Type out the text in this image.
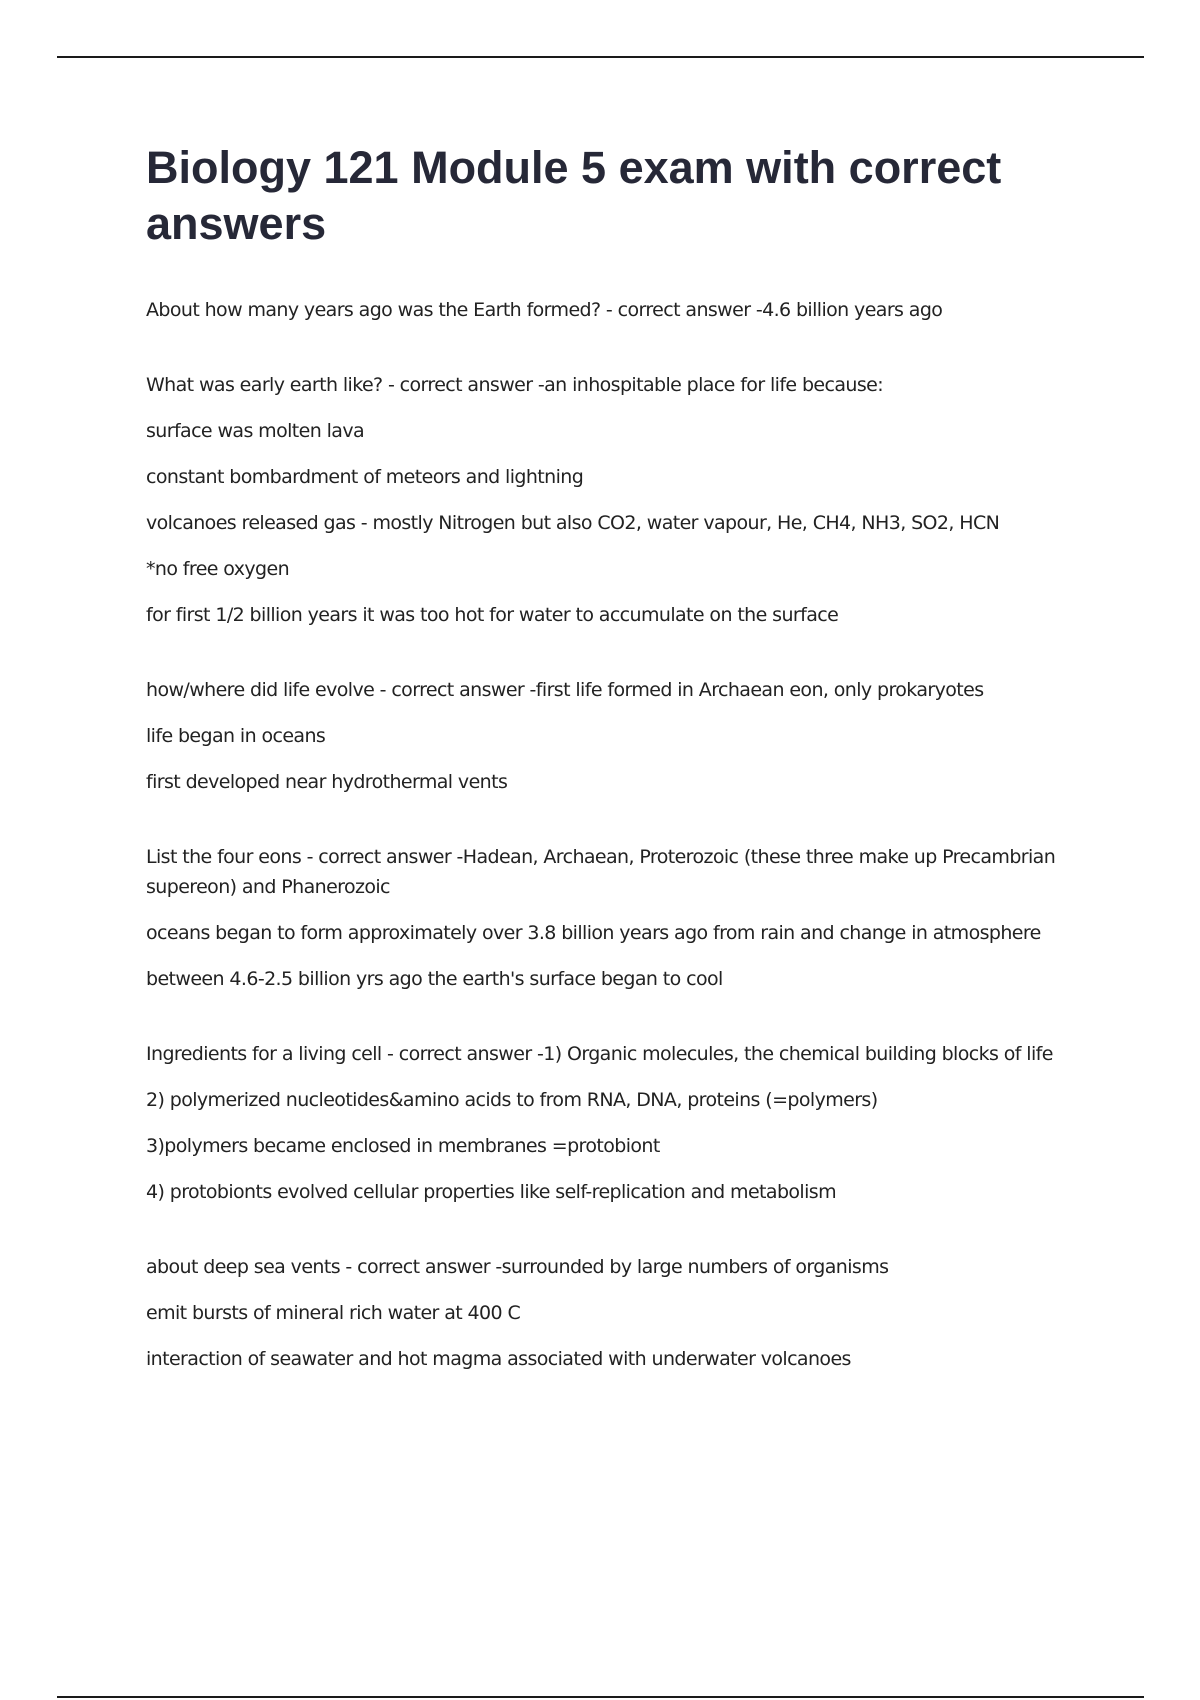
Biology 121 Module 5 exam with correct answers

About how many years ago was the Earth formed? - correct answer -4.6 billion years ago

What was early earth like? - correct answer -an inhospitable place for life because:

surface was molten lava

constant bombardment of meteors and lightning

volcanoes released gas - mostly Nitrogen but also CO2, water vapour, He, CH4, NH3, SO2, HCN

*no free oxygen

for first 1/2 billion years it was too hot for water to accumulate on the surface

how/where did life evolve - correct answer -first life formed in Archaean eon, only prokaryotes

life began in oceans

first developed near hydrothermal vents

List the four eons - correct answer -Hadean, Archaean, Proterozoic (these three make up Precambrian supereon) and Phanerozoic

oceans began to form approximately over 3.8 billion years ago from rain and change in atmosphere

between 4.6-2.5 billion yrs ago the earth's surface began to cool

Ingredients for a living cell - correct answer -1) Organic molecules, the chemical building blocks of life

2) polymerized nucleotides&amino acids to from RNA, DNA, proteins (=polymers)

3)polymers became enclosed in membranes =protobiont

4) protobionts evolved cellular properties like self-replication and metabolism

about deep sea vents - correct answer -surrounded by large numbers of organisms

emit bursts of mineral rich water at 400 C

interaction of seawater and hot magma associated with underwater volcanoes
